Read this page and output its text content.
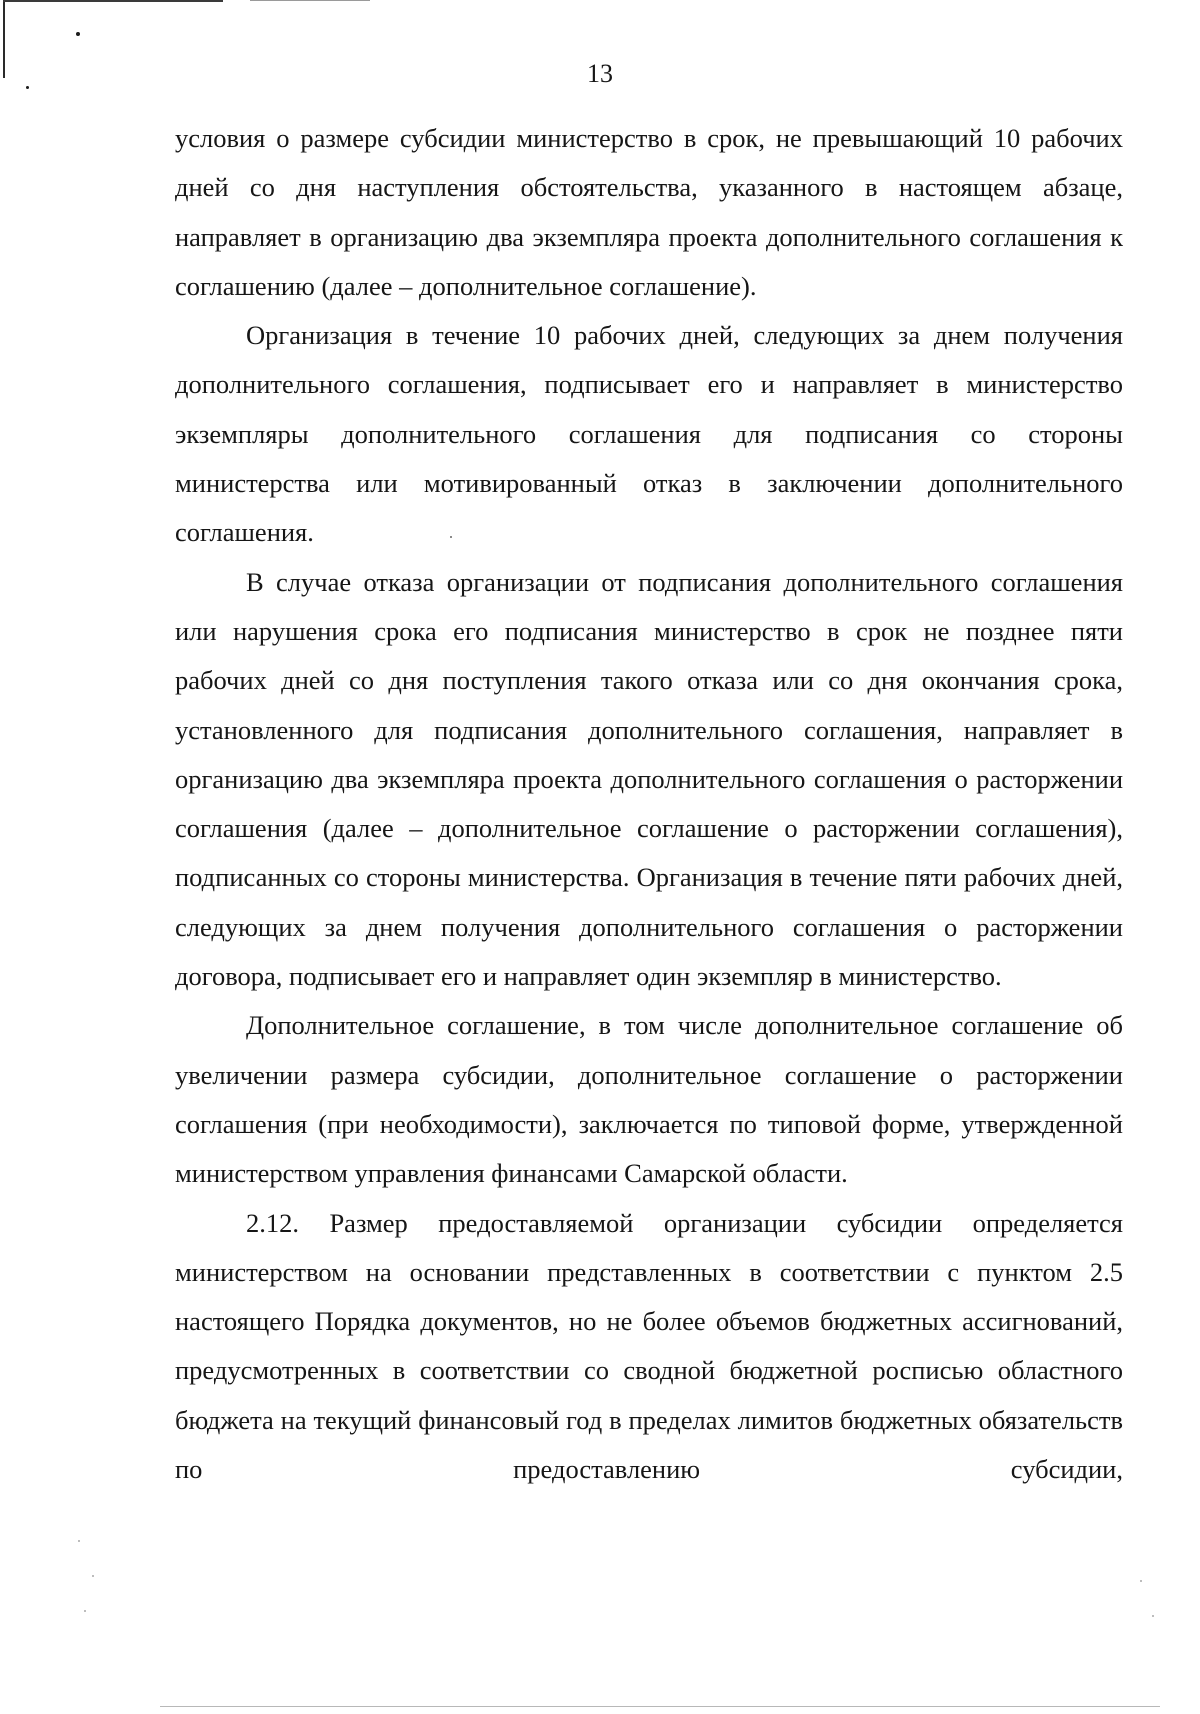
13

условия о размере субсидии министерство в срок, не превышающий 10 рабочих дней со дня наступления обстоятельства, указанного в настоящем абзаце, направляет в организацию два экземпляра проекта дополнительного соглашения к соглашению (далее – дополнительное соглашение).

Организация в течение 10 рабочих дней, следующих за днем получения дополнительного соглашения, подписывает его и направляет в министерство экземпляры дополнительного соглашения для подписания со стороны министерства или мотивированный отказ в заключении дополнительного соглашения.

В случае отказа организации от подписания дополнительного соглашения или нарушения срока его подписания министерство в срок не позднее пяти рабочих дней со дня поступления такого отказа или со дня окончания срока, установленного для подписания дополнительного соглашения, направляет в организацию два экземпляра проекта дополнительного соглашения о расторжении соглашения (далее – дополнительное соглашение о расторжении соглашения), подписанных со стороны министерства. Организация в течение пяти рабочих дней, следующих за днем получения дополнительного соглашения о расторжении договора, подписывает его и направляет один экземпляр в министерство.

Дополнительное соглашение, в том числе дополнительное соглашение об увеличении размера субсидии, дополнительное соглашение о расторжении соглашения (при необходимости), заключается по типовой форме, утвержденной министерством управления финансами Самарской области.

2.12. Размер предоставляемой организации субсидии определяется министерством на основании представленных в соответствии с пунктом 2.5 настоящего Порядка документов, но не более объемов бюджетных ассигнований, предусмотренных в соответствии со сводной бюджетной росписью областного бюджета на текущий финансовый год в пределах лимитов бюджетных обязательств по предоставлению субсидии,
